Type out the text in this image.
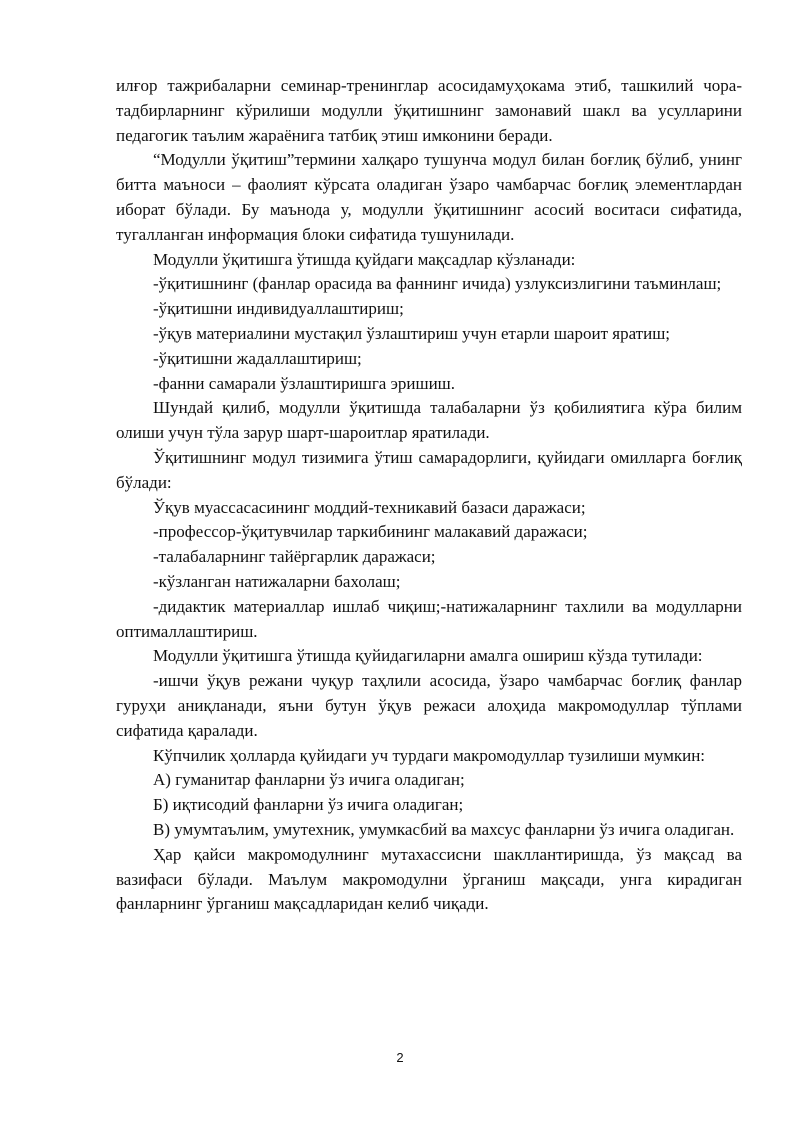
илғор тажрибаларни семинар-тренинглар асосидамуҳокама этиб, ташкилий чора-тадбирларнинг кўрилиши модулли ўқитишнинг замонавий шакл ва усулларини педагогик таълим жараёнига татбиқ этиш имконини беради.

“Модулли ўқитиш”термини халқаро тушунча модул билан боғлиқ бўлиб, унинг битта маъноси – фаолият кўрсата оладиган ўзаро чамбарчас боғлиқ элементлардан иборат бўлади. Бу маънода у, модулли ўқитишнинг асосий воситаси сифатида, тугалланган информация блоки сифатида тушунилади.

Модулли ўқитишга ўтишда қуйдаги мақсадлар кўзланади:

-ўқитишнинг (фанлар орасида ва фаннинг ичида) узлуксизлигини таъминлаш;

-ўқитишни индивидуаллаштириш;

-ўқув материалини мустақил ўзлаштириш учун етарли шароит яратиш;

-ўқитишни жадаллаштириш;

-фанни самарали ўзлаштиришга эришиш.

Шундай қилиб, модулли ўқитишда талабаларни ўз қобилиятига кўра билим олиши учун тўла зарур шарт-шароитлар яратилади.

Ўқитишнинг модул тизимига ўтиш самарадорлиги, қуйидаги омилларга боғлиқ бўлади:

Ўқув муассасасининг моддий-техникавий базаси даражаси;

-профессор-ўқитувчилар таркибининг малакавий даражаси;

-талабаларнинг тайёргарлик даражаси;

-кўзланган натижаларни бахолаш;

-дидактик материаллар ишлаб чиқиш;-натижаларнинг тахлили ва модулларни оптималлаштириш.

Модулли ўқитишга ўтишда қуйидагиларни амалга ошириш кўзда тутилади:

-ишчи ўқув режани чуқур таҳлили асосида, ўзаро чамбарчас боғлиқ фанлар гуруҳи аниқланади, яъни бутун ўқув режаси алоҳида макромодуллар тўплами сифатида қаралади.

Кўпчилик ҳолларда қуйидаги уч турдаги макромодуллар тузилиши мумкин:

А) гуманитар фанларни ўз ичига оладиган;

Б) иқтисодий фанларни ўз ичига оладиган;

В) умумтаълим, умутехник, умумкасбий ва махсус фанларни ўз ичига оладиган.

Ҳар қайси макромодулнинг мутахассисни шакллантиришда, ўз мақсад ва вазифаси бўлади. Маълум макромодулни ўрганиш мақсади, унга кирадиган фанларнинг ўрганиш мақсадларидан келиб чиқади.

2
